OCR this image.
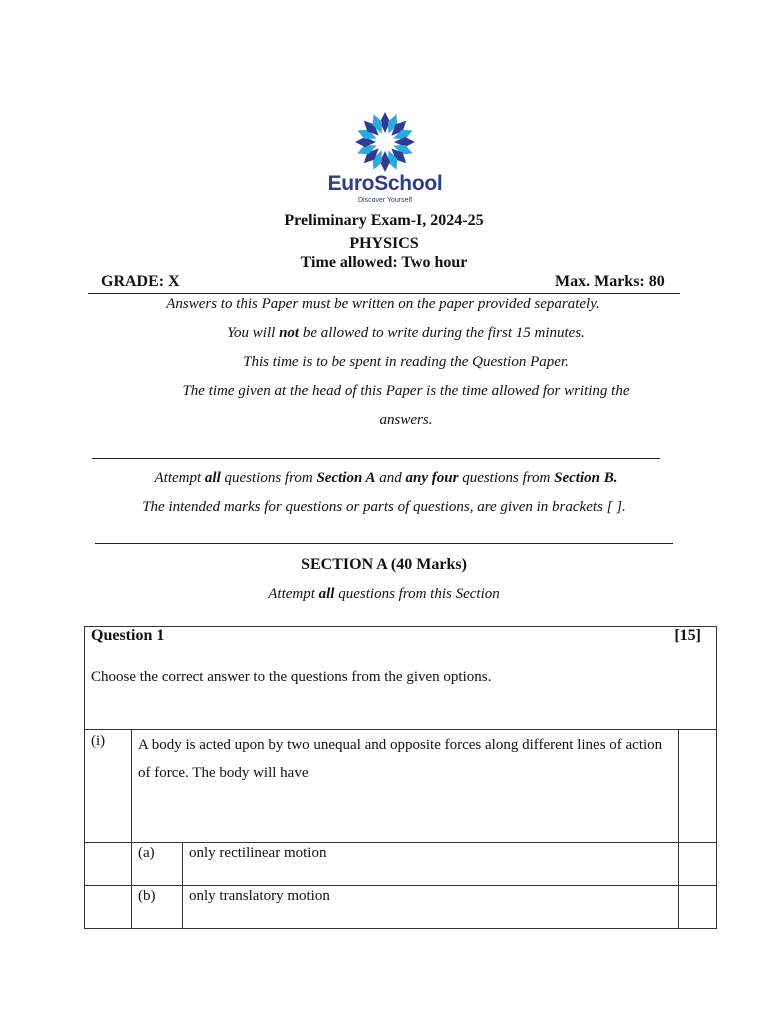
EuroSchool
Discover Yourself
Preliminary Exam-I, 2024-25
PHYSICS
Time allowed: Two hour
GRADE: X	Max. Marks: 80
Answers to this Paper must be written on the paper provided separately.
You will not be allowed to write during the first 15 minutes.
This time is to be spent in reading the Question Paper.
The time given at the head of this Paper is the time allowed for writing the
answers.
Attempt all questions from Section A and any four questions from Section B.
The intended marks for questions or parts of questions, are given in brackets [ ].
SECTION A (40 Marks)
Attempt all questions from this Section
Question 1 [15]
Choose the correct answer to the questions from the given options.			

(i)	A body is acted upon by two unequal and opposite forces along different lines of action of force. The body will have		
	(a)	only rectilinear motion	
	(b)	only translatory motion	
